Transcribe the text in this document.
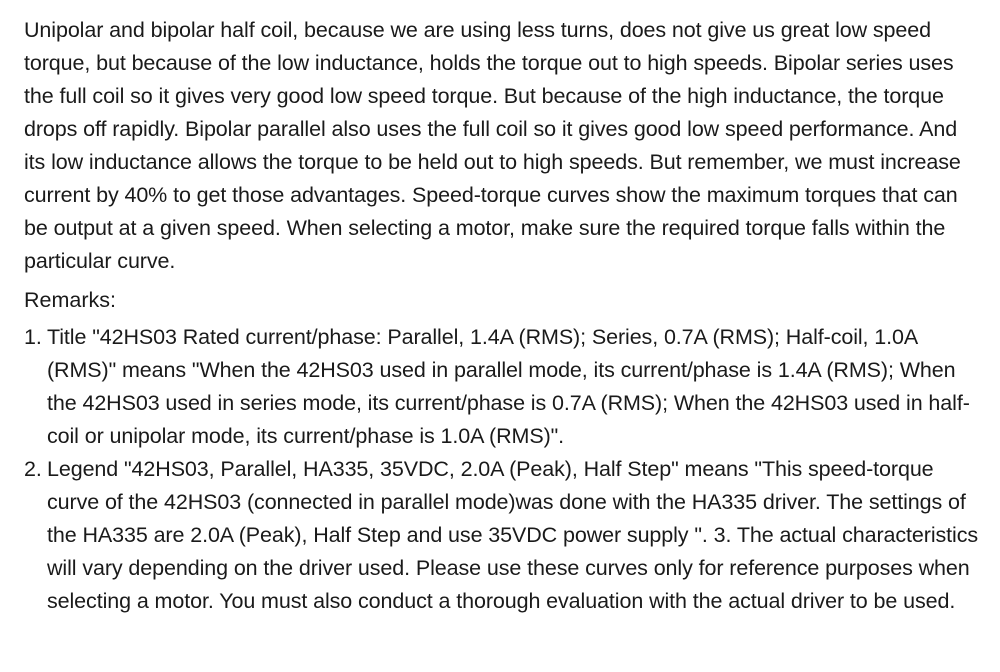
Unipolar and bipolar half coil, because we are using less turns, does not give us great low speed torque, but because of the low inductance, holds the torque out to high speeds. Bipolar series uses the full coil so it gives very good low speed torque. But because of the high inductance, the torque drops off rapidly. Bipolar parallel also uses the full coil so it gives good low speed performance. And its low inductance allows the torque to be held out to high speeds. But remember, we must increase current by 40% to get those advantages. Speed-torque curves show the maximum torques that can be output at a given speed. When selecting a motor, make sure the required torque falls within the particular curve.

Remarks:
1. Title "42HS03 Rated current/phase: Parallel, 1.4A (RMS); Series, 0.7A (RMS); Half-coil, 1.0A (RMS)" means "When the 42HS03 used in parallel mode, its current/phase is 1.4A (RMS); When the 42HS03 used in series mode, its current/phase is 0.7A (RMS); When the 42HS03 used in half-coil or unipolar mode, its current/phase is 1.0A (RMS)".
2. Legend "42HS03, Parallel, HA335, 35VDC, 2.0A (Peak), Half Step" means "This speed-torque curve of the 42HS03 (connected in parallel mode)was done with the HA335 driver. The settings of the HA335 are 2.0A (Peak), Half Step and use 35VDC power supply ". 3. The actual characteristics will vary depending on the driver used. Please use these curves only for reference purposes when selecting a motor. You must also conduct a thorough evaluation with the actual driver to be used.
